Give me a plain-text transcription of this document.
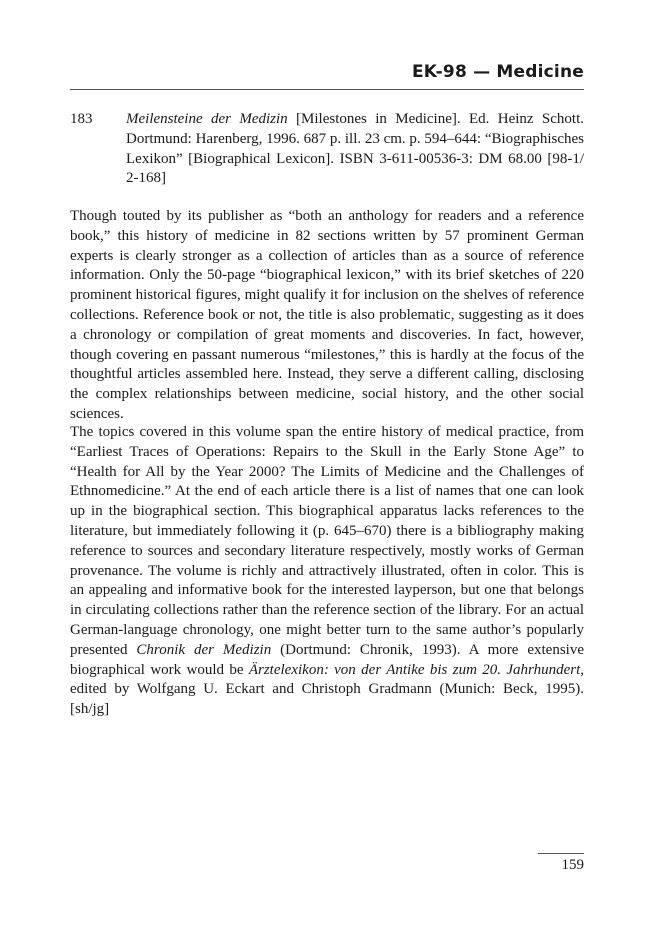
EK-98 — Medicine
183	Meilensteine der Medizin [Milestones in Medicine]. Ed. Heinz Schott. Dortmund: Harenberg, 1996. 687 p. ill. 23 cm. p. 594–644: “Biographisches Lexikon” [Biographical Lexicon]. ISBN 3-611-00536-3: DM 68.00 [98-1/ 2-168]

Though touted by its publisher as “both an anthology for readers and a reference book,” this history of medicine in 82 sections written by 57 prominent German experts is clearly stronger as a collection of articles than as a source of reference information. Only the 50-page “biographical lexicon,” with its brief sketches of 220 prominent historical figures, might qualify it for inclusion on the shelves of reference collections. Reference book or not, the title is also problematic, suggesting as it does a chronology or compilation of great moments and discoveries. In fact, however, though covering en passant numerous “milestones,” this is hardly at the focus of the thoughtful articles assembled here. Instead, they serve a different calling, disclosing the complex relationships between medicine, social history, and the other social sciences.

The topics covered in this volume span the entire history of medical practice, from “Earliest Traces of Operations: Repairs to the Skull in the Early Stone Age” to “Health for All by the Year 2000? The Limits of Medicine and the Challenges of Ethnomedicine.” At the end of each article there is a list of names that one can look up in the biographical section. This biographical apparatus lacks references to the literature, but immediately following it (p. 645–670) there is a bibliography making reference to sources and secondary literature respectively, mostly works of German provenance. The volume is richly and attractively illustrated, often in color. This is an appealing and informative book for the interested layperson, but one that belongs in circulating collections rather than the reference section of the library. For an actual German-language chronology, one might better turn to the same author’s popularly presented Chronik der Medizin (Dortmund: Chronik, 1993). A more extensive biographical work would be Ärztelexikon: von der Antike bis zum 20. Jahrhundert, edited by Wolfgang U. Eckart and Christoph Gradmann (Munich: Beck, 1995). [sh/jg]

159
